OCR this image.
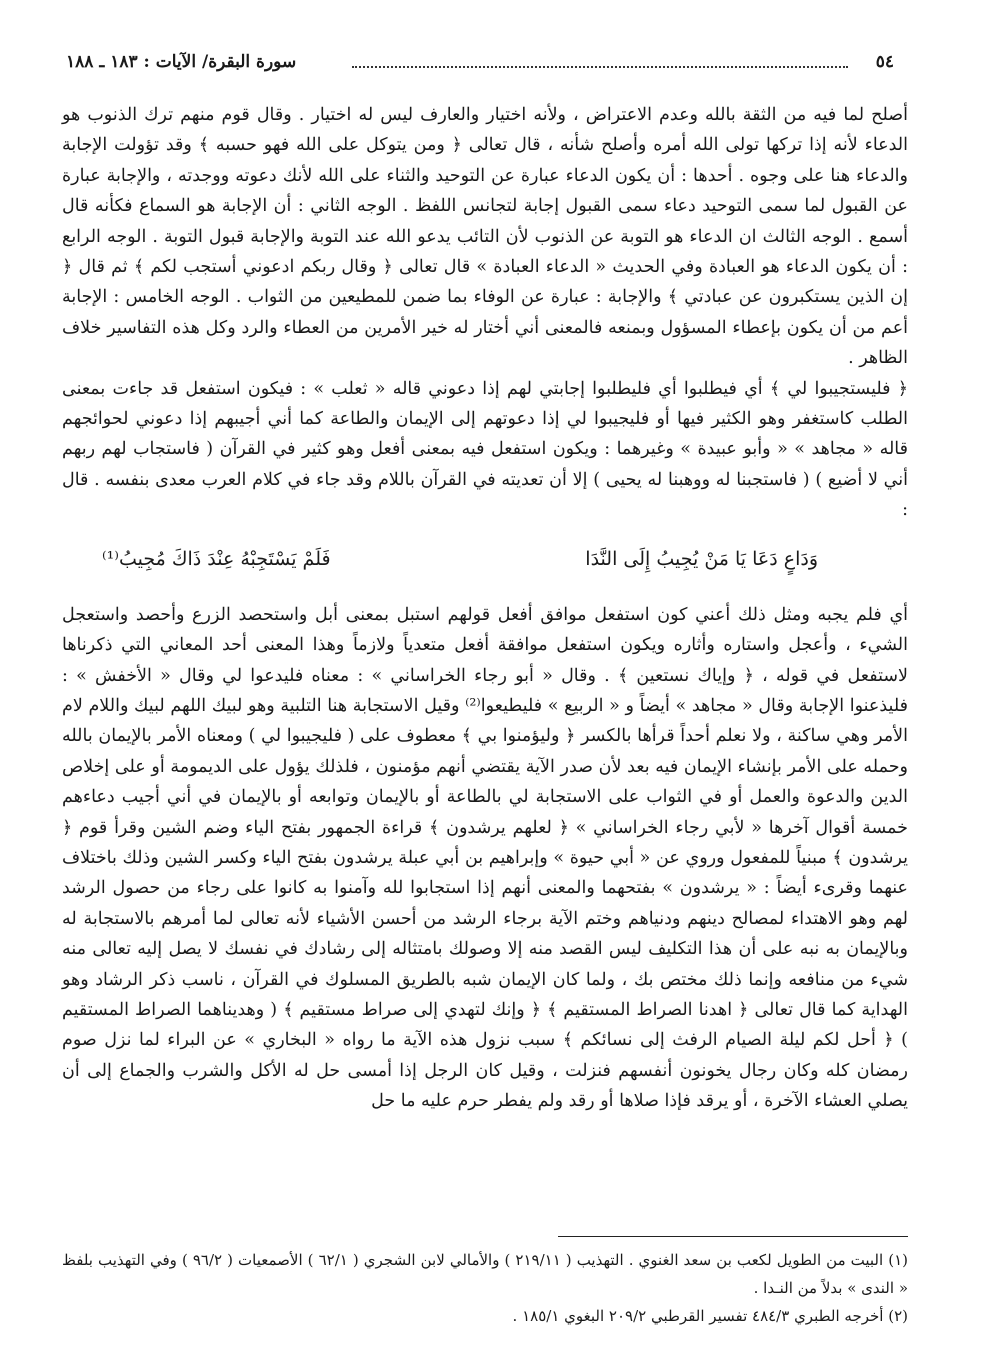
٥٤
سورة البقرة/ الآيات : ١٨٣ ـ ١٨٨

أصلح لما فيه من الثقة بالله وعدم الاعتراض ، ولأنه اختيار والعارف ليس له اختيار . وقال قوم منهم ترك الذنوب هو الدعاء لأنه إذا تركها تولى الله أمره وأصلح شأنه ، قال تعالى ﴿ ومن يتوكل على الله فهو حسبه ﴾ وقد تؤولت الإجابة والدعاء هنا على وجوه . أحدها : أن يكون الدعاء عبارة عن التوحيد والثناء على الله لأنك دعوته ووجدته ، والإجابة عبارة عن القبول لما سمى التوحيد دعاء سمى القبول إجابة لتجانس اللفظ . الوجه الثاني : أن الإجابة هو السماع فكأنه قال أسمع . الوجه الثالث ان الدعاء هو التوبة عن الذنوب لأن التائب يدعو الله عند التوبة والإجابة قبول التوبة . الوجه الرابع : أن يكون الدعاء هو العبادة وفي الحديث « الدعاء العبادة » قال تعالى ﴿ وقال ربكم ادعوني أستجب لكم ﴾ ثم قال ﴿ إن الذين يستكبرون عن عبادتي ﴾ والإجابة : عبارة عن الوفاء بما ضمن للمطيعين من الثواب . الوجه الخامس : الإجابة أعم من أن يكون بإعطاء المسؤول وبمنعه فالمعنى أني أختار له خير الأمرين من العطاء والرد وكل هذه التفاسير خلاف الظاهر .

﴿ فليستجيبوا لي ﴾ أي فيطلبوا أي فليطلبوا إجابتي لهم إذا دعوني قاله « ثعلب » : فيكون استفعل قد جاءت بمعنى الطلب كاستغفر وهو الكثير فيها أو فليجيبوا لي إذا دعوتهم إلى الإيمان والطاعة كما أني أجيبهم إذا دعوني لحوائجهم قاله « مجاهد » « وأبو عبيدة » وغيرهما : ويكون استفعل فيه بمعنى أفعل وهو كثير في القرآن ( فاستجاب لهم ربهم أني لا أضيع ) ( فاستجبنا له ووهبنا له يحيى ) إلا أن تعديته في القرآن باللام وقد جاء في كلام العرب معدى بنفسه . قال :

وَدَاعٍ دَعَا يَا مَنْ يُجِيبُ إِلَى النَّدَا
فَلَمْ يَسْتَجِبْهُ عِنْدَ ذَاكَ مُجِيبُ⁽¹⁾

أي فلم يجبه ومثل ذلك أعني كون استفعل موافق أفعل قولهم استبل بمعنى أبل واستحصد الزرع وأحصد واستعجل الشيء ، وأعجل واستاره وأثاره ويكون استفعل موافقة أفعل متعدياً ولازماً وهذا المعنى أحد المعاني التي ذكرناها لاستفعل في قوله ، ﴿ وإياك نستعين ﴾ . وقال « أبو رجاء الخراساني » : معناه فليدعوا لي وقال « الأخفش » : فليذعنوا الإجابة وقال « مجاهد » أيضاً و « الربيع » فليطيعوا⁽²⁾ وقيل الاستجابة هنا التلبية وهو لبيك اللهم لبيك واللام لام الأمر وهي ساكنة ، ولا نعلم أحداً قرأها بالكسر ﴿ وليؤمنوا بي ﴾ معطوف على ( فليجيبوا لي ) ومعناه الأمر بالإيمان بالله وحمله على الأمر بإنشاء الإيمان فيه بعد لأن صدر الآية يقتضي أنهم مؤمنون ، فلذلك يؤول على الديمومة أو على إخلاص الدين والدعوة والعمل أو في الثواب على الاستجابة لي بالطاعة أو بالإيمان وتوابعه أو بالإيمان في أني أجيب دعاءهم خمسة أقوال آخرها « لأبي رجاء الخراساني » ﴿ لعلهم يرشدون ﴾ قراءة الجمهور بفتح الياء وضم الشين وقرأ قوم ﴿ يرشدون ﴾ مبنياً للمفعول وروي عن « أبي حيوة » وإبراهيم بن أبي عبلة يرشدون بفتح الياء وكسر الشين وذلك باختلاف عنهما وقرىء أيضاً : « يرشدون » بفتحهما والمعنى أنهم إذا استجابوا لله وآمنوا به كانوا على رجاء من حصول الرشد لهم وهو الاهتداء لمصالح دينهم ودنياهم وختم الآية برجاء الرشد من أحسن الأشياء لأنه تعالى لما أمرهم بالاستجابة له وبالإيمان به نبه على أن هذا التكليف ليس القصد منه إلا وصولك بامتثاله إلى رشادك في نفسك لا يصل إليه تعالى منه شيء من منافعه وإنما ذلك مختص بك ، ولما كان الإيمان شبه بالطريق المسلوك في القرآن ، ناسب ذكر الرشاد وهو الهداية كما قال تعالى ﴿ اهدنا الصراط المستقيم ﴾ ﴿ وإنك لتهدي إلى صراط مستقيم ﴾ ( وهديناهما الصراط المستقيم ) ﴿ أحل لكم ليلة الصيام الرفث إلى نسائكم ﴾ سبب نزول هذه الآية ما رواه « البخاري » عن البراء لما نزل صوم رمضان كله وكان رجال يخونون أنفسهم فنزلت ، وقيل كان الرجل إذا أمسى حل له الأكل والشرب والجماع إلى أن يصلي العشاء الآخرة ، أو يرقد فإذا صلاها أو رقد ولم يفطر حرم عليه ما حل

(١) البيت من الطويل لكعب بن سعد الغنوي . التهذيب ( ٢١٩/١١ ) والأمالي لابن الشجري ( ٦٢/١ ) الأصمعيات ( ٩٦/٢ ) وفي التهذيب بلفظ « الندى » بدلاً من النـدا .

(٢) أخرجه الطبري ٤٨٤/٣ تفسير القرطبي ٢٠٩/٢ البغوي ١٨٥/١ .
